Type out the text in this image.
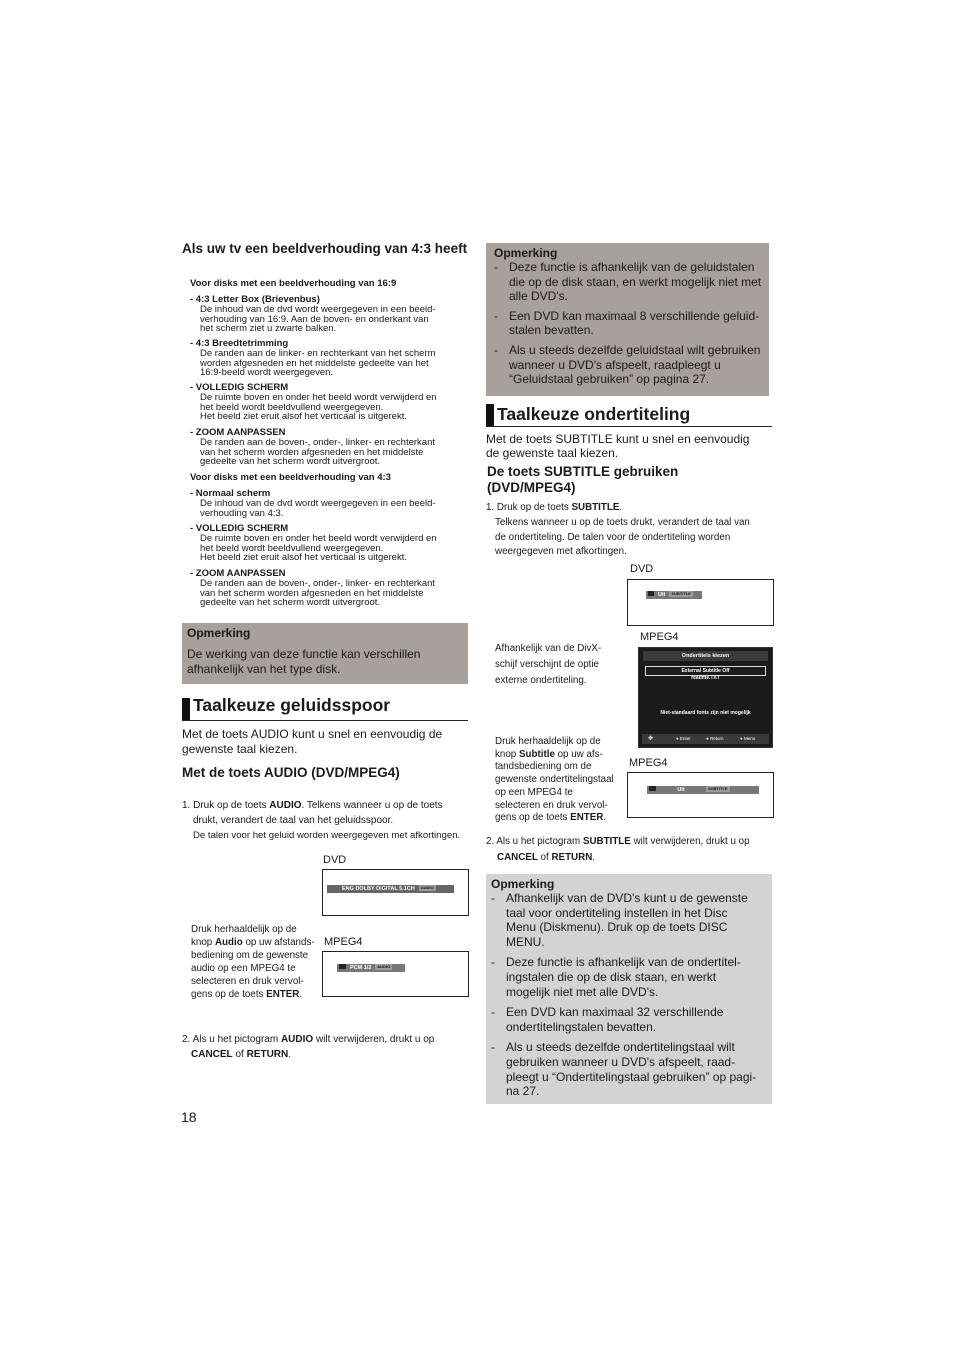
Als uw tv een beeldverhouding van 4:3 heeft
Voor disks met een beeldverhouding van 16:9
- 4:3 Letter Box (Brievenbus)
De inhoud van de dvd wordt weergegeven in een beeld-
verhouding van 16:9. Aan de boven- en onderkant van
het scherm ziet u zwarte balken.
- 4:3 Breedtetrimming
De randen aan de linker- en rechterkant van het scherm
worden afgesneden en het middelste gedeelte van het
16:9-beeld wordt weergegeven.
- VOLLEDIG SCHERM
De ruimte boven en onder het beeld wordt verwijderd en
het beeld wordt beeldvullend weergegeven.
Het beeld ziet eruit alsof het verticaal is uitgerekt.
- ZOOM AANPASSEN
De randen aan de boven-, onder-, linker- en rechterkant
van het scherm worden afgesneden en het middelste
gedeelte van het scherm wordt uitvergroot.
Voor disks met een beeldverhouding van 4:3
- Normaal scherm
De inhoud van de dvd wordt weergegeven in een beeld-
verhouding van 4:3.
- VOLLEDIG SCHERM
De ruimte boven en onder het beeld wordt verwijderd en
het beeld wordt beeldvullend weergegeven.
Het beeld ziet eruit alsof het verticaal is uitgerekt.
- ZOOM AANPASSEN
De randen aan de boven-, onder-, linker- en rechterkant
van het scherm worden afgesneden en het middelste
gedeelte van het scherm wordt uitvergroot.
Opmerking
De werking van deze functie kan verschillen
afhankelijk van het type disk.
Taalkeuze geluidsspoor
Met de toets AUDIO kunt u snel en eenvoudig de
gewenste taal kiezen.
Met de toets AUDIO (DVD/MPEG4)
1. Druk op de toets AUDIO. Telkens wanneer u op de toets
drukt, verandert de taal van het geluidsspoor.
De talen voor het geluid worden weergegeven met afkortingen.
DVD
ENG DOLBY DIGITAL 5.1CH AUDIO
Druk herhaaldelijk op de
knop Audio op uw afstands-
bediening om de gewenste
audio op een MPEG4 te
selecteren en druk vervol-
gens op de toets ENTER.
MPEG4
PCM 1/2 AUDIO
2. Als u het pictogram AUDIO wilt verwijderen, drukt u op
CANCEL of RETURN.
18
Opmerking
- Deze functie is afhankelijk van de geluidstalen
die op de disk staan, en werkt mogelijk niet met
alle DVD's.
- Een DVD kan maximaal 8 verschillende geluid-
stalen bevatten.
- Als u steeds dezelfde geluidstaal wilt gebruiken
wanneer u DVD's afspeelt, raadpleegt u
“Geluidstaal gebruiken” op pagina 27.
Taalkeuze ondertiteling
Met de toets SUBTITLE kunt u snel en eenvoudig
de gewenste taal kiezen.
De toets SUBTITLE gebruiken
(DVD/MPEG4)
1. Druk op de toets SUBTITLE.
Telkens wanneer u op de toets drukt, verandert de taal van
de ondertiteling. De talen voor de ondertiteling worden
weergegeven met afkortingen.
DVD
Uit SUBTITLE
MPEG4
Afhankelijk van de DivX-
schijf verschijnt de optie
externe ondertiteling.
Ondertitels kiezen
External Subtitle Off
readme.TXT
Niet-standaard fonts zijn niet mogelijk
✥	● Enter	● Return	● Menu
Druk herhaaldelijk op de
knop Subtitle op uw afs-
tandsbediening om de
gewenste ondertitelingstaal
op een MPEG4 te
selecteren en druk vervol-
gens op de toets ENTER.
MPEG4
Uit	SUBTITLE
2. Als u het pictogram SUBTITLE wilt verwijderen, drukt u op
CANCEL of RETURN.
Opmerking
- Afhankelijk van de DVD's kunt u de gewenste
taal voor ondertiteling instellen in het Disc
Menu (Diskmenu). Druk op de toets DISC
MENU.
- Deze functie is afhankelijk van de ondertitel-
ingstalen die op de disk staan, en werkt
mogelijk niet met alle DVD's.
- Een DVD kan maximaal 32 verschillende
ondertitelingstalen bevatten.
- Als u steeds dezelfde ondertitelingstaal wilt
gebruiken wanneer u DVD's afspeelt, raad-
pleegt u “Ondertitelingstaal gebruiken” op pagi-
na 27.
